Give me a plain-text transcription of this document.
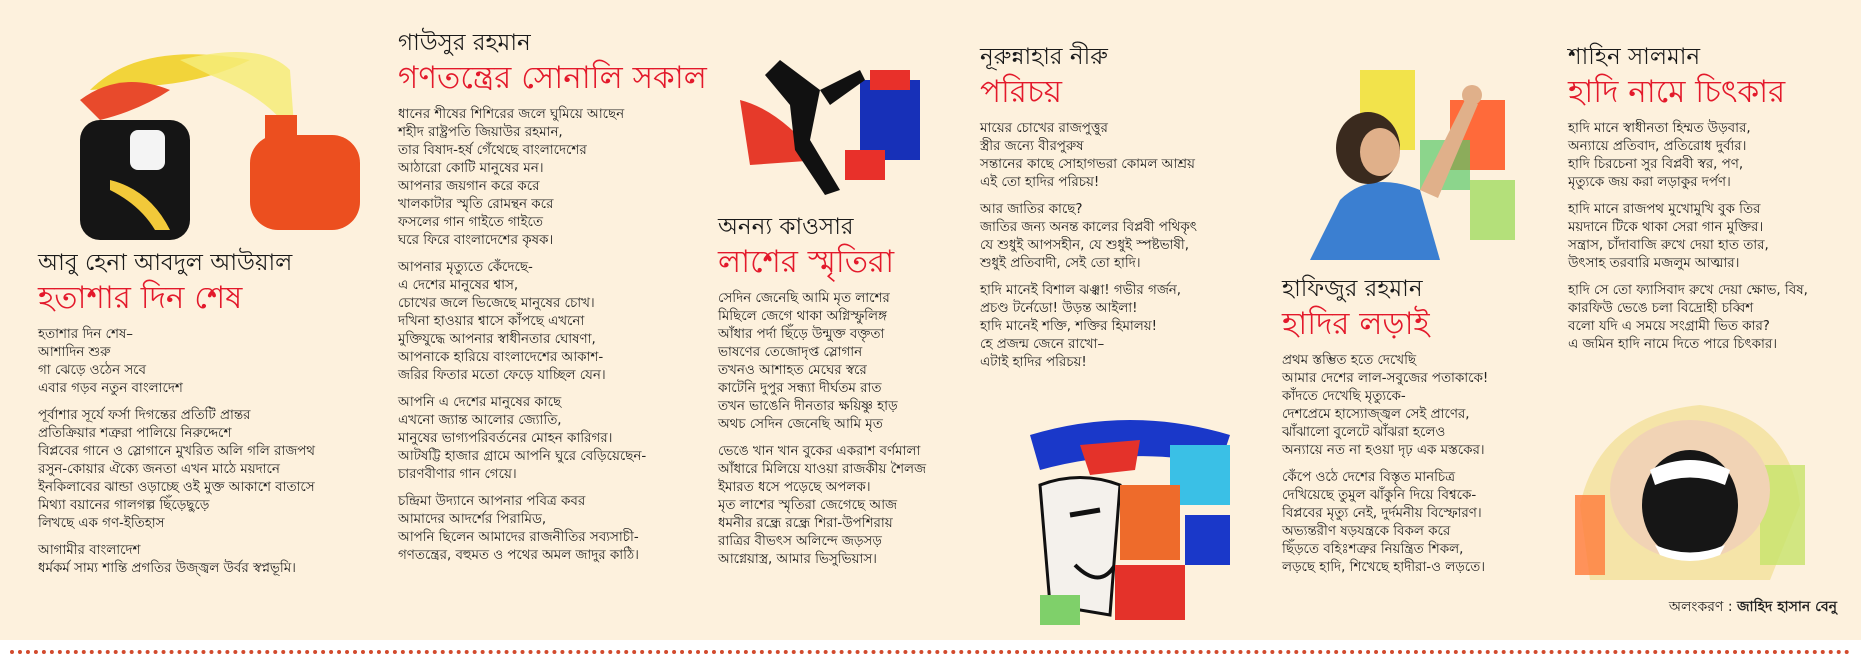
আবু হেনা আবদুল আউয়াল
হতাশার দিন শেষ
হতাশার দিন শেষ–
আশাদিন শুরু
গা ঝেড়ে ওঠেন সবে
এবার গড়ব নতুন বাংলাদেশ
পূর্বাশার সূর্যে ফর্সা দিগন্তের প্রতিটি প্রান্তর
প্রতিক্রিয়ার শত্রুরা পালিয়ে নিরুদ্দেশে
বিপ্লবের গানে ও স্লোগানে মুখরিত অলি গলি রাজপথ
রসুন-কোয়ার ঐক্যে জনতা এখন মাঠে ময়দানে
ইনকিলাবের ঝান্ডা ওড়াচ্ছে ওই মুক্ত আকাশে বাতাসে
মিথ্যা বয়ানের গালগল্প ছিঁড়েছুড়ে
লিখছে এক গণ-ইতিহাস
আগামীর বাংলাদেশ
ধর্মকর্ম সাম্য শান্তি প্রগতির উজ্জ্বল উর্বর স্বপ্নভূমি।
গাউসুর রহমান
গণতন্ত্রের সোনালি সকাল
ধানের শীষের শিশিরের জলে ঘুমিয়ে আছেন
শহীদ রাষ্ট্রপতি জিয়াউর রহমান,
তার বিষাদ-হর্ষ গেঁথেছে বাংলাদেশের
আঠারো কোটি মানুষের মন।
আপনার জয়গান করে করে
খালকাটার স্মৃতি রোমন্থন করে
ফসলের গান গাইতে গাইতে
ঘরে ফিরে বাংলাদেশের কৃষক।
আপনার মৃত্যুতে কেঁদেছে-
এ দেশের মানুষের শ্বাস,
চোখের জলে ভিজেছে মানুষের চোখ।
দখিনা হাওয়ার শ্বাসে কাঁপছে এখনো
মুক্তিযুদ্ধে আপনার স্বাধীনতার ঘোষণা,
আপনাকে হারিয়ে বাংলাদেশের আকাশ-
জরির ফিতার মতো ফেড়ে যাচ্ছিল যেন।
আপনি এ দেশের মানুষের কাছে
এখনো জ্যান্ত আলোর জ্যোতি,
মানুষের ভাগ্যপরিবর্তনের মোহন কারিগর।
আটষট্টি হাজার গ্রামে আপনি ঘুরে বেড়িয়েছেন-
চারণবীণার গান গেয়ে।
চন্দ্রিমা উদ্যানে আপনার পবিত্র কবর
আমাদের আদর্শের পিরামিড,
আপনি ছিলেন আমাদের রাজনীতির সব্যসাচী-
গণতন্ত্রের, বহুমত ও পথের অমল জাদুর কাঠি।
অনন্য কাওসার
লাশের স্মৃতিরা
সেদিন জেনেছি আমি মৃত লাশের
মিছিলে জেগে থাকা অগ্নিস্ফুলিঙ্গ
আঁধার পর্দা ছিঁড়ে উন্মুক্ত বক্তৃতা
ভাষণের তেজোদৃপ্ত স্লোগান
তখনও আশাহত মেঘের স্বরে
কাটেনি দুপুর সন্ধ্যা দীর্ঘতম রাত
তখন ভাঙেনি দীনতার ক্ষয়িষ্ণু হাড়
অথচ সেদিন জেনেছি আমি মৃত
ভেঙে খান খান বুকের একরাশ বর্ণমালা
আঁধারে মিলিয়ে যাওয়া রাজকীয় শৈলজ
ইমারত ধসে পড়েছে অপলক।
মৃত লাশের স্মৃতিরা জেগেছে আজ
ধমনীর রন্ধ্রে রন্ধ্রে শিরা-উপশিরায়
রাত্রির বীভৎস অলিন্দে জড়সড়
আগ্নেয়াস্ত্র, আমার ভিসুভিয়াস।
নূরুন্নাহার নীরু
পরিচয়
মায়ের চোখের রাজপুত্তুর
স্ত্রীর জন্যে বীরপুরুষ
সন্তানের কাছে সোহাগভরা কোমল আশ্রয়
এই তো হাদির পরিচয়!
আর জাতির কাছে?
জাতির জন্য অনন্ত কালের বিপ্লবী পথিকৃৎ
যে শুধুই আপসহীন, যে শুধুই স্পষ্টভাষী,
শুধুই প্রতিবাদী, সেই তো হাদি।
হাদি মানেই বিশাল ঝঞ্ঝা! গভীর গর্জন,
প্রচণ্ড টর্নেডো! উড়ন্ত আইলা!
হাদি মানেই শক্তি, শক্তির হিমালয়!
হে প্রজন্ম জেনে রাখো–
এটাই হাদির পরিচয়!
হাফিজুর রহমান
হাদির লড়াই
প্রথম স্তম্ভিত হতে দেখেছি
আমার দেশের লাল-সবুজের পতাকাকে!
কাঁদতে দেখেছি মৃত্যুকে-
দেশপ্রেমে হাস্যোজ্জ্বল সেই প্রাণের,
ঝাঁঝালো বুলেটে ঝাঁঝরা হলেও
অন্যায়ে নত না হওয়া দৃঢ় এক মস্তকের।
কেঁপে ওঠে দেশের বিস্তৃত মানচিত্র
দেখিয়েছে তুমুল ঝাঁকুনি দিয়ে বিশ্বকে-
বিপ্লবের মৃত্যু নেই, দুর্দমনীয় বিস্ফোরণ।
অভ্যন্তরীণ ষড়যন্ত্রকে বিকল করে
ছিঁড়তে বহিঃশত্রুর নিয়ন্ত্রিত শিকল,
লড়ছে হাদি, শিখেছে হাদীরা-ও লড়তে।
শাহিন সালমান
হাদি নামে চিৎকার
হাদি মানে স্বাধীনতা হিম্মত উড়বার,
অন্যায়ে প্রতিবাদ, প্রতিরোধ দুর্বার।
হাদি চিরচেনা সুর বিপ্লবী স্বর, পণ,
মৃত্যুকে জয় করা লড়াকুর দর্পণ।
হাদি মানে রাজপথ মুখোমুখি বুক তির
ময়দানে টিকে থাকা সেরা গান মুক্তির।
সন্ত্রাস, চাঁদাবাজি রুখে দেয়া হাত তার,
উৎসাহ তরবারি মজলুম আত্মার।
হাদি সে তো ফ্যাসিবাদ রুখে দেয়া ক্ষোভ, বিষ,
কারফিউ ভেঙে চলা বিদ্রোহী চব্বিশ
বলো যদি এ সময়ে সংগ্রামী ভিত কার?
এ জমিন হাদি নামে দিতে পারে চিৎকার।
অলংকরণ : জাহিদ হাসান বেনু
